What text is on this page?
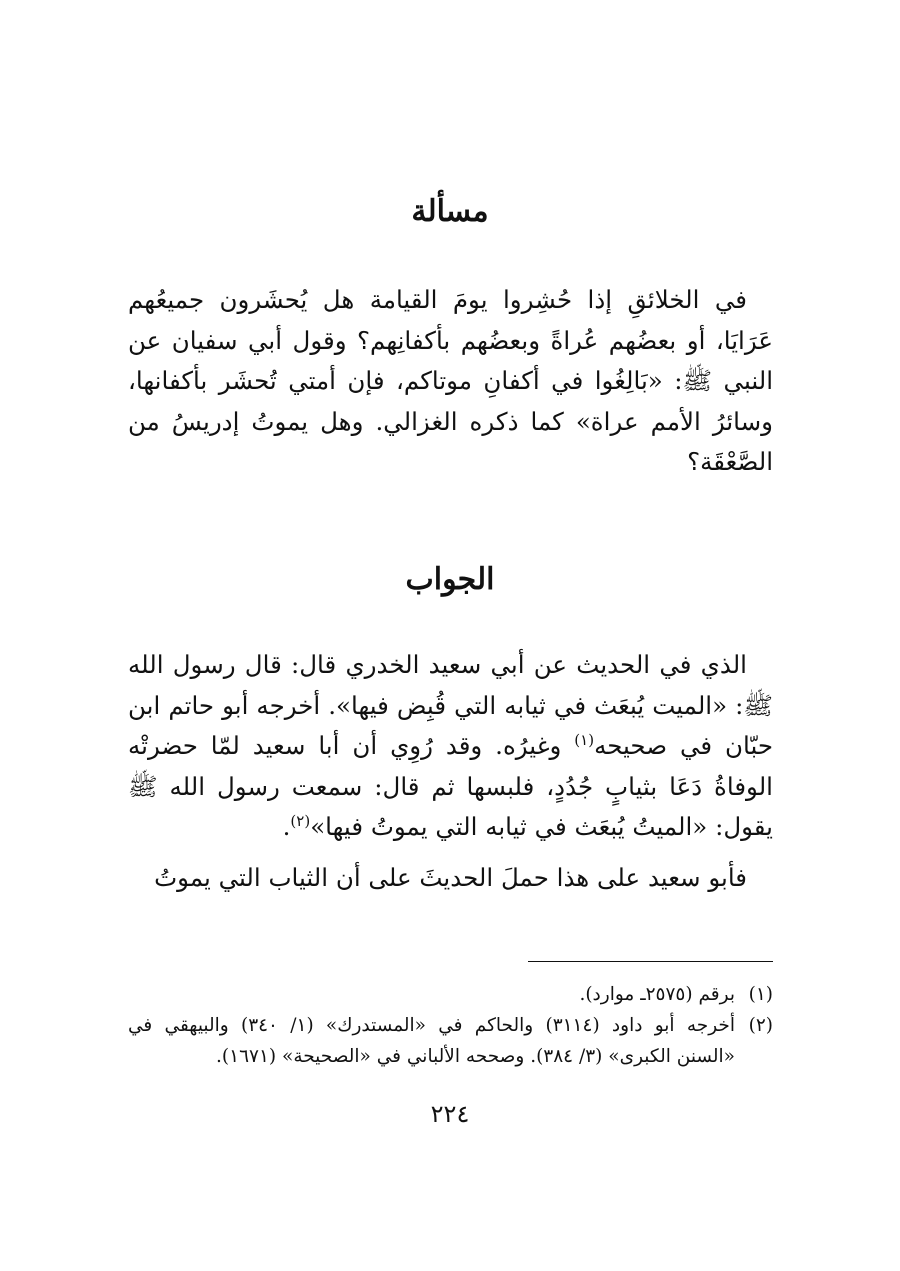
مسألة

في الخلائقِ إذا حُشِروا يومَ القيامة هل يُحشَرون جميعُهم عَرَايَا، أو بعضُهم عُراةً وبعضُهم بأكفانِهم؟ وقول أبي سفيان عن النبي ﷺ: «بَالِغُوا في أكفانِ موتاكم، فإن أمتي تُحشَر بأكفانها، وسائرُ الأمم عراة» كما ذكره الغزالي. وهل يموتُ إدريسُ من الصَّعْقَة؟

الجواب

الذي في الحديث عن أبي سعيد الخدري قال: قال رسول الله ﷺ: «الميت يُبعَث في ثيابه التي قُبِض فيها». أخرجه أبو حاتم ابن حبّان في صحيحه$^{(١)}$ وغيرُه. وقد رُوِي أن أبا سعيد لمّا حضرتْه الوفاةُ دَعَا بثيابٍ جُدُدٍ، فلبسها ثم قال: سمعت رسول الله ﷺ يقول: «الميتُ يُبعَث في ثيابه التي يموتُ فيها»$^{(٢)}$.

فأبو سعيد على هذا حملَ الحديثَ على أن الثياب التي يموتُ

(١)
برقم (٢٥٧٥ـ موارد).
(٢)
أخرجه أبو داود (٣١١٤) والحاكم في «المستدرك» (١/ ٣٤٠) والبيهقي في «السنن الكبرى» (٣/ ٣٨٤). وصححه الألباني في «الصحيحة» (١٦٧١).
٢٢٤
